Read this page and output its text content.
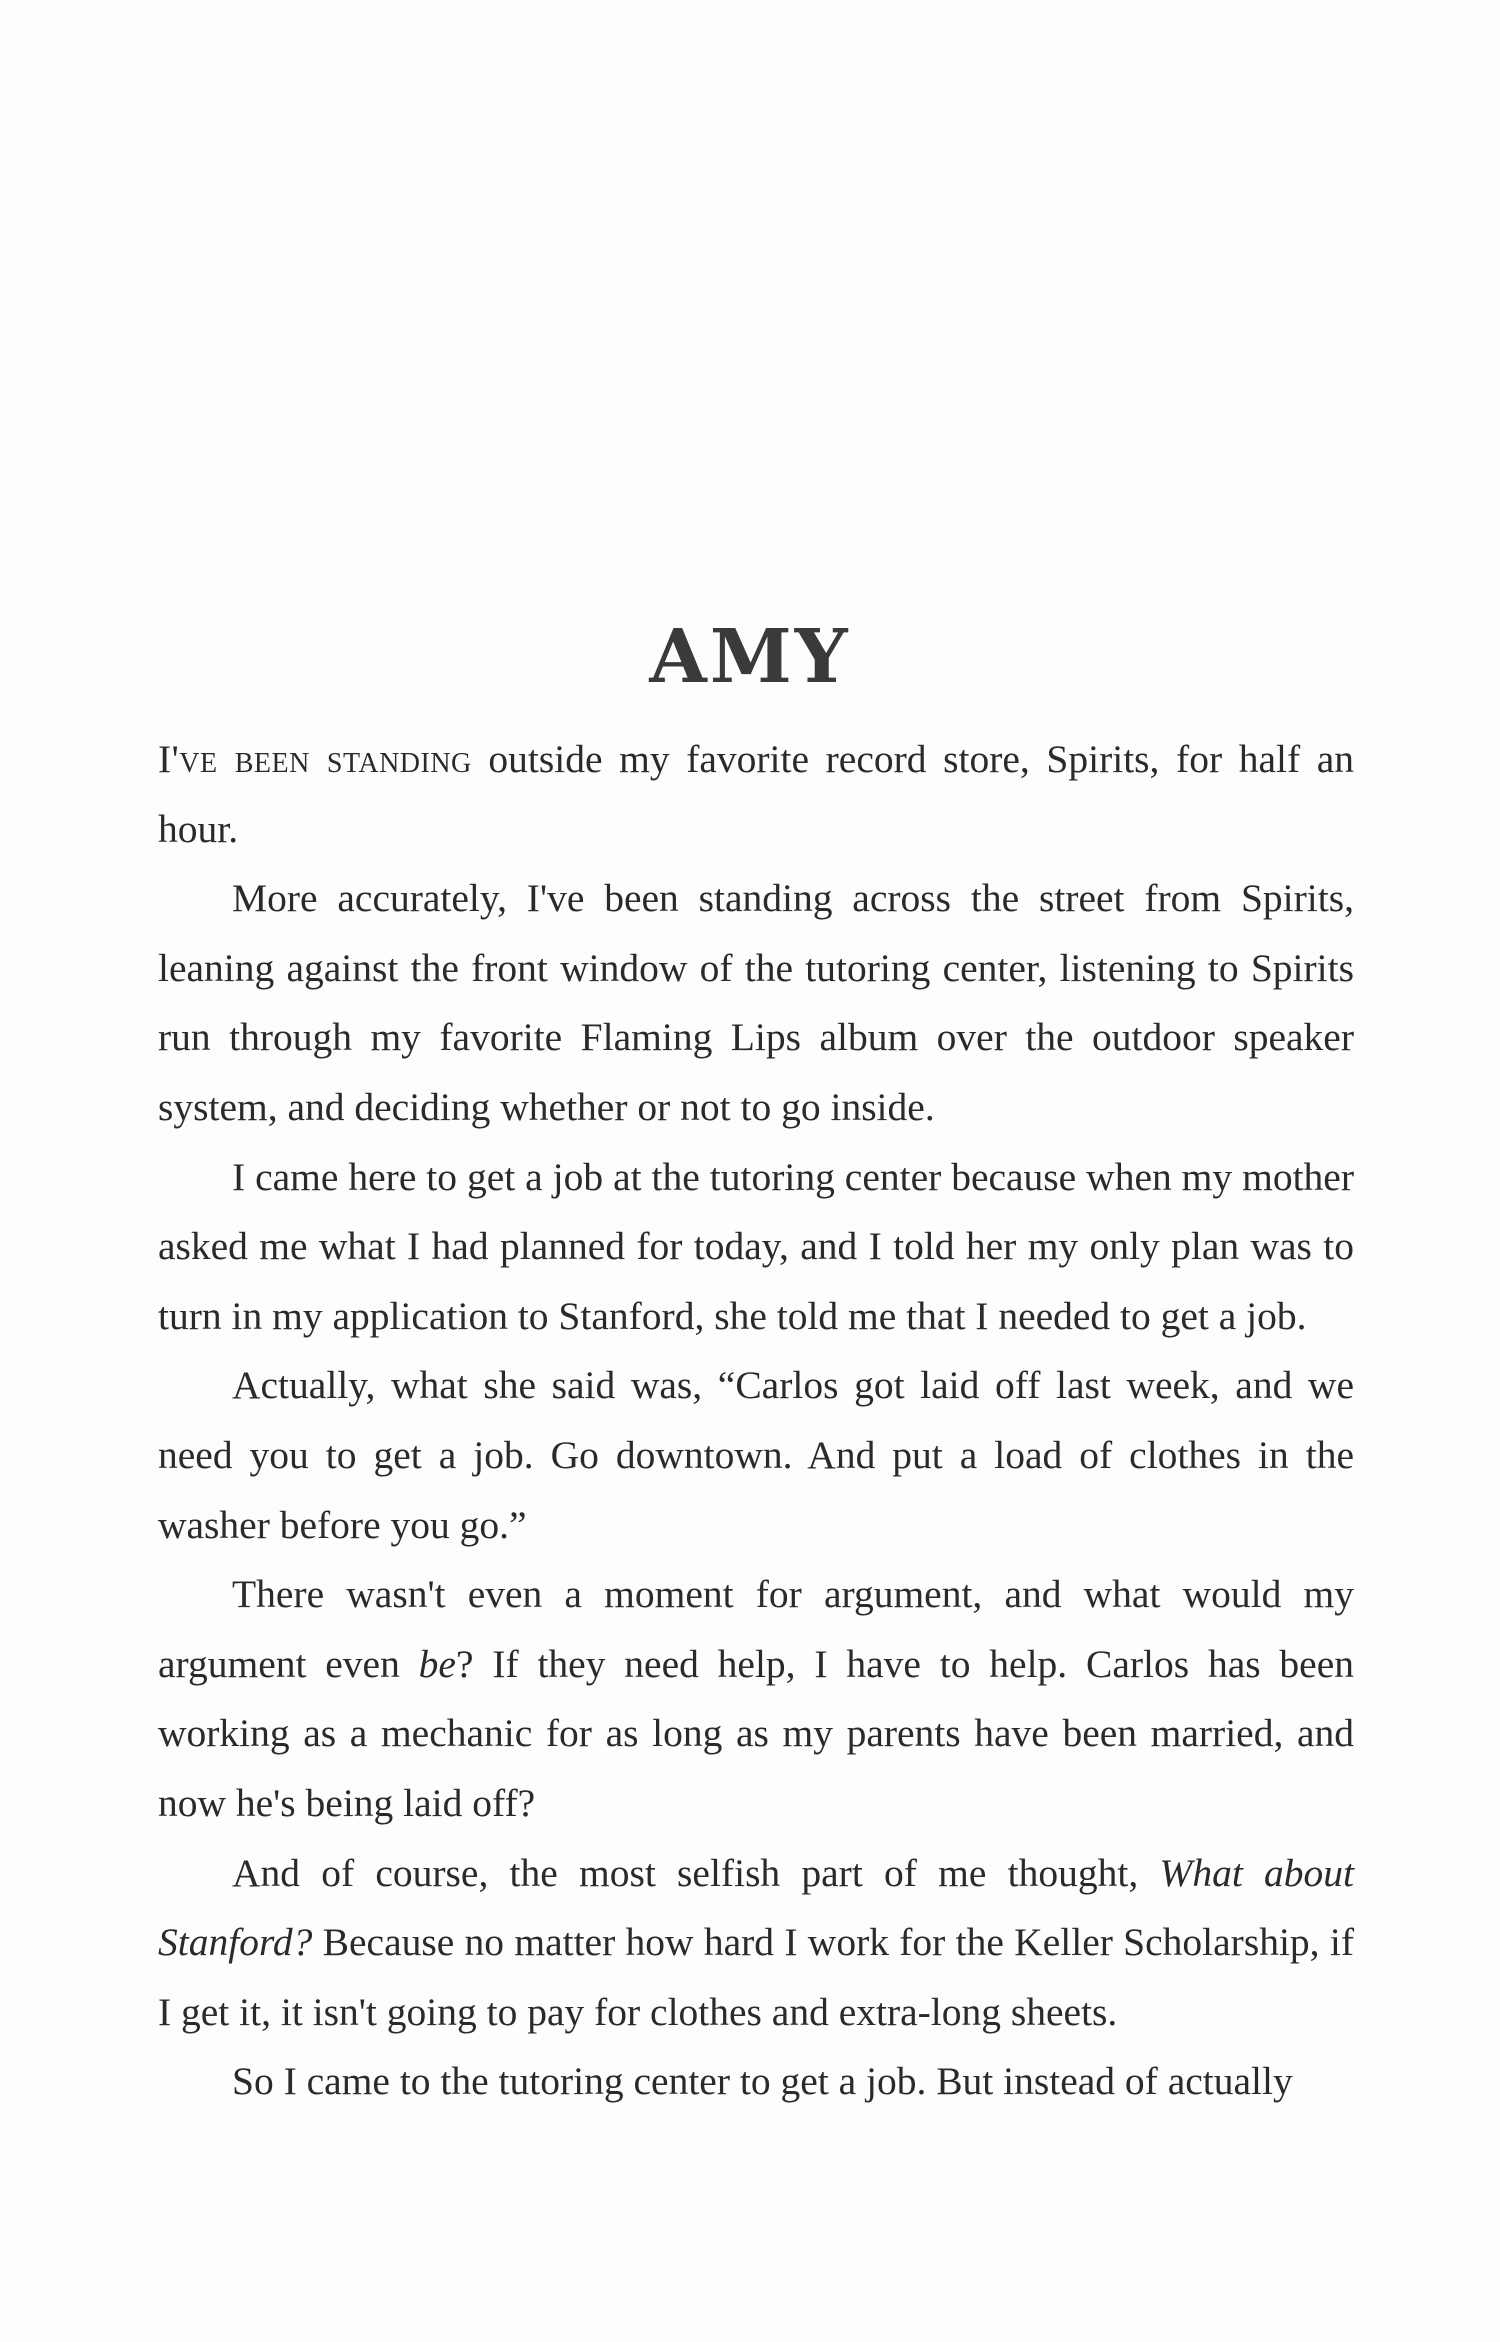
AMY

I've been standing outside my favorite record store, Spirits, for half an hour.

More accurately, I've been standing across the street from Spirits, leaning against the front window of the tutoring center, listening to Spirits run through my favorite Flaming Lips album over the outdoor speaker system, and deciding whether or not to go inside.

I came here to get a job at the tutoring center because when my mother asked me what I had planned for today, and I told her my only plan was to turn in my application to Stanford, she told me that I needed to get a job.

Actually, what she said was, “Carlos got laid off last week, and we need you to get a job. Go downtown. And put a load of clothes in the washer before you go.”

There wasn't even a moment for argument, and what would my argument even be? If they need help, I have to help. Carlos has been working as a mechanic for as long as my parents have been married, and now he's being laid off?

And of course, the most selfish part of me thought, What about Stanford? Because no matter how hard I work for the Keller Scholarship, if I get it, it isn't going to pay for clothes and extra-long sheets.

So I came to the tutoring center to get a job. But instead of actually
